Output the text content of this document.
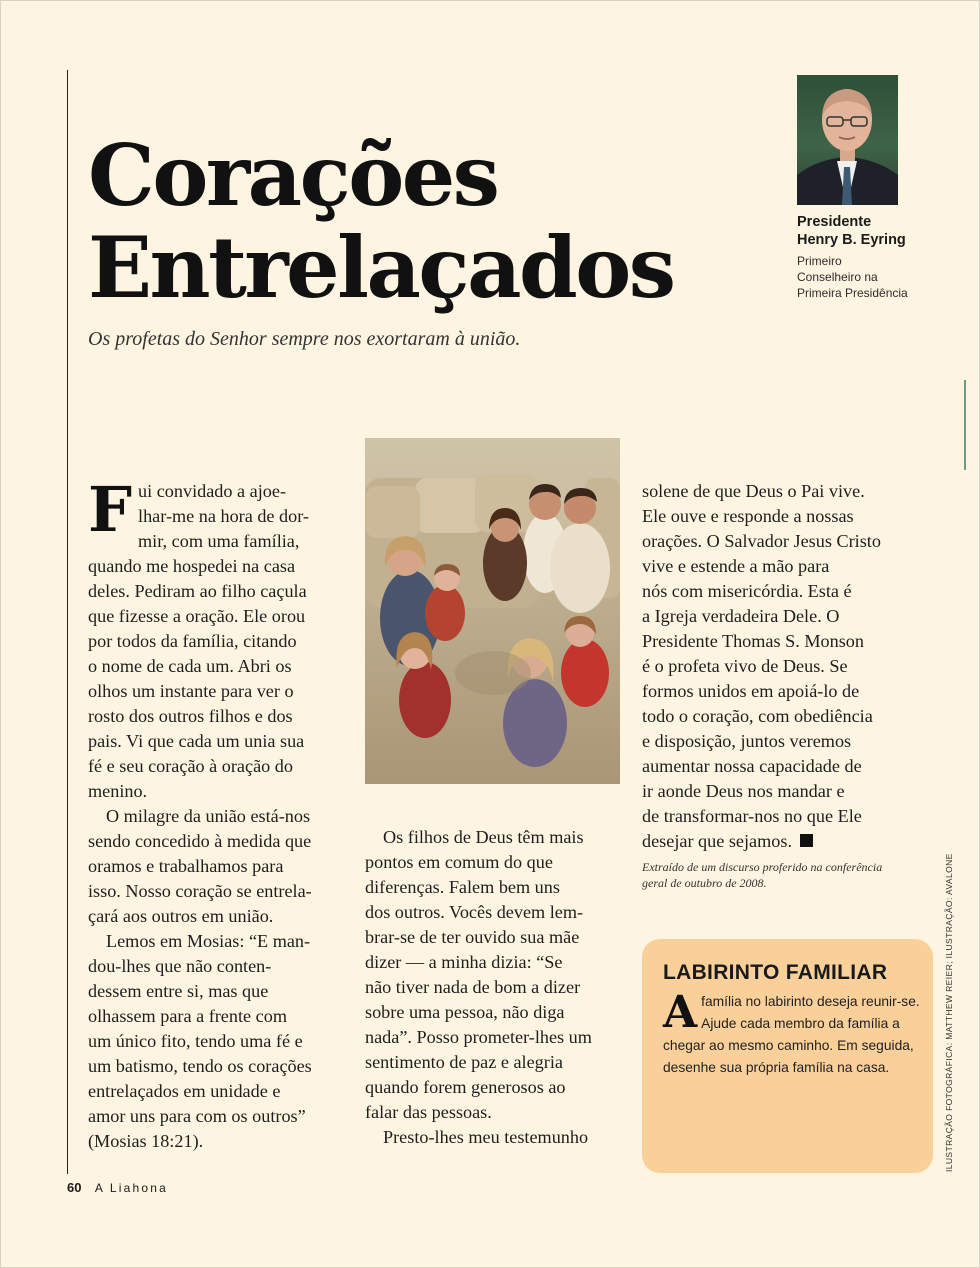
Corações
Entrelaçados

Os profetas do Senhor sempre nos exortaram à união.

Presidente
Henry B. Eyring
Primeiro
Conselheiro na
Primeira Presidência
F ui convidado a ajoe-
lhar-me na hora de dor-
mir, com uma família,
quando me hospedei na casa
deles. Pediram ao filho caçula
que fizesse a oração. Ele orou
por todos da família, citando
o nome de cada um. Abri os
olhos um instante para ver o
rosto dos outros filhos e dos
pais. Vi que cada um unia sua
fé e seu coração à oração do
menino.
O milagre da união está-nos
sendo concedido à medida que
oramos e trabalhamos para
isso. Nosso coração se entrela-
çará aos outros em união.
Lemos em Mosias: “E man-
dou-lhes que não conten-
dessem entre si, mas que
olhassem para a frente com
um único fito, tendo uma fé e
um batismo, tendo os corações
entrelaçados em unidade e
amor uns para com os outros”
(Mosias 18:21).
Os filhos de Deus têm mais
pontos em comum do que
diferenças. Falem bem uns
dos outros. Vocês devem lem-
brar-se de ter ouvido sua mãe
dizer — a minha dizia: “Se
não tiver nada de bom a dizer
sobre uma pessoa, não diga
nada”. Posso prometer-lhes um
sentimento de paz e alegria
quando forem generosos ao
falar das pessoas.
Presto-lhes meu testemunho
solene de que Deus o Pai vive.
Ele ouve e responde a nossas
orações. O Salvador Jesus Cristo
vive e estende a mão para
nós com misericórdia. Esta é
a Igreja verdadeira Dele. O
Presidente Thomas S. Monson
é o profeta vivo de Deus. Se
formos unidos em apoiá-lo de
todo o coração, com obediência
e disposição, juntos veremos
aumentar nossa capacidade de
ir aonde Deus nos mandar e
de transformar-nos no que Ele
desejar que sejamos.
Extraído de um discurso proferido na conferência
geral de outubro de 2008.
LABIRINTO FAMILIAR
A família no labirinto deseja reunir-se.
Ajude cada membro da família a
chegar ao mesmo caminho. Em seguida,
desenhe sua própria família na casa.	ILUSTRAÇÃO FOTOGRÁFICA: MATTHEW REIER; ILUSTRAÇÃO: AVALONE
60 A Liahona
